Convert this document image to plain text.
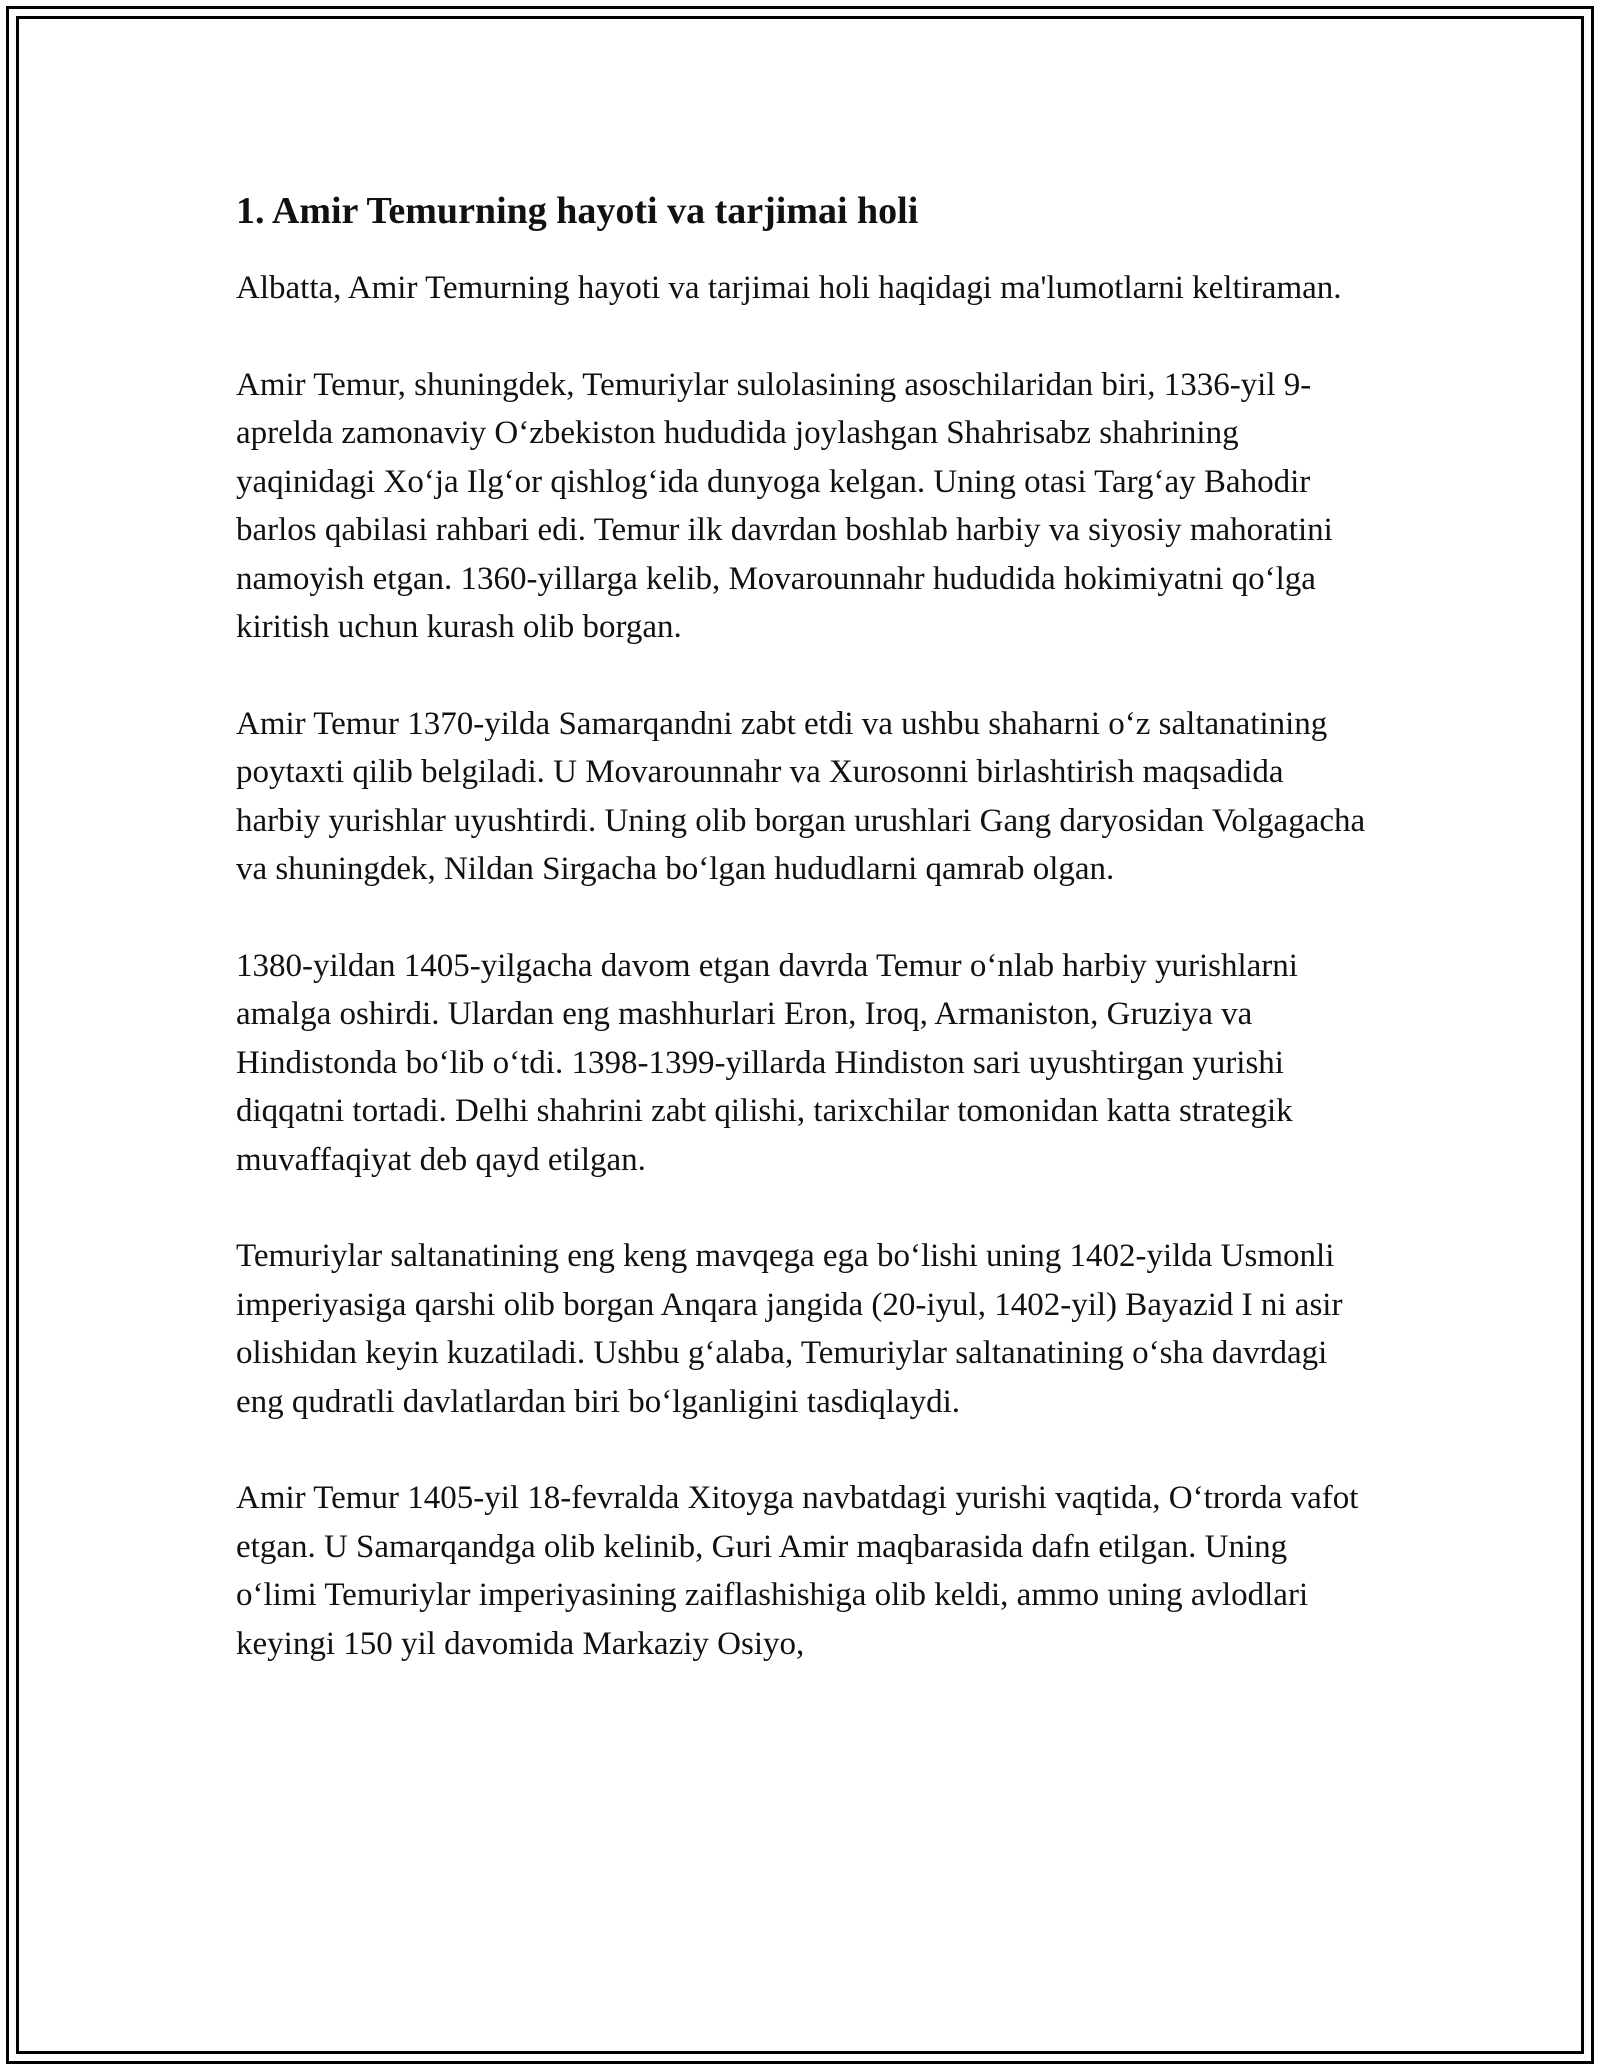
1. Amir Temurning hayoti va tarjimai holi

Albatta, Amir Temurning hayoti va tarjimai holi haqidagi ma'lumotlarni keltiraman.

Amir Temur, shuningdek, Temuriylar sulolasining asoschilaridan biri, 1336-yil 9-aprelda zamonaviy O‘zbekiston hududida joylashgan Shahrisabz shahrining yaqinidagi Xo‘ja Ilg‘or qishlog‘ida dunyoga kelgan. Uning otasi Targ‘ay Bahodir barlos qabilasi rahbari edi. Temur ilk davrdan boshlab harbiy va siyosiy mahoratini namoyish etgan. 1360-yillarga kelib, Movarounnahr hududida hokimiyatni qo‘lga kiritish uchun kurash olib borgan.

Amir Temur 1370-yilda Samarqandni zabt etdi va ushbu shaharni o‘z saltanatining poytaxti qilib belgiladi. U Movarounnahr va Xurosonni birlashtirish maqsadida harbiy yurishlar uyushtirdi. Uning olib borgan urushlari Gang daryosidan Volgagacha va shuningdek, Nildan Sirgacha bo‘lgan hududlarni qamrab olgan.

1380-yildan 1405-yilgacha davom etgan davrda Temur o‘nlab harbiy yurishlarni amalga oshirdi. Ulardan eng mashhurlari Eron, Iroq, Armaniston, Gruziya va Hindistonda bo‘lib o‘tdi. 1398-1399-yillarda Hindiston sari uyushtirgan yurishi diqqatni tortadi. Delhi shahrini zabt qilishi, tarixchilar tomonidan katta strategik muvaffaqiyat deb qayd etilgan.

Temuriylar saltanatining eng keng mavqega ega bo‘lishi uning 1402-yilda Usmonli imperiyasiga qarshi olib borgan Anqara jangida (20-iyul, 1402-yil) Bayazid I ni asir olishidan keyin kuzatiladi. Ushbu g‘alaba, Temuriylar saltanatining o‘sha davrdagi eng qudratli davlatlardan biri bo‘lganligini tasdiqlaydi.

Amir Temur 1405-yil 18-fevralda Xitoyga navbatdagi yurishi vaqtida, O‘trorda vafot etgan. U Samarqandga olib kelinib, Guri Amir maqbarasida dafn etilgan. Uning o‘limi Temuriylar imperiyasining zaiflashishiga olib keldi, ammo uning avlodlari keyingi 150 yil davomida Markaziy Osiyo,
